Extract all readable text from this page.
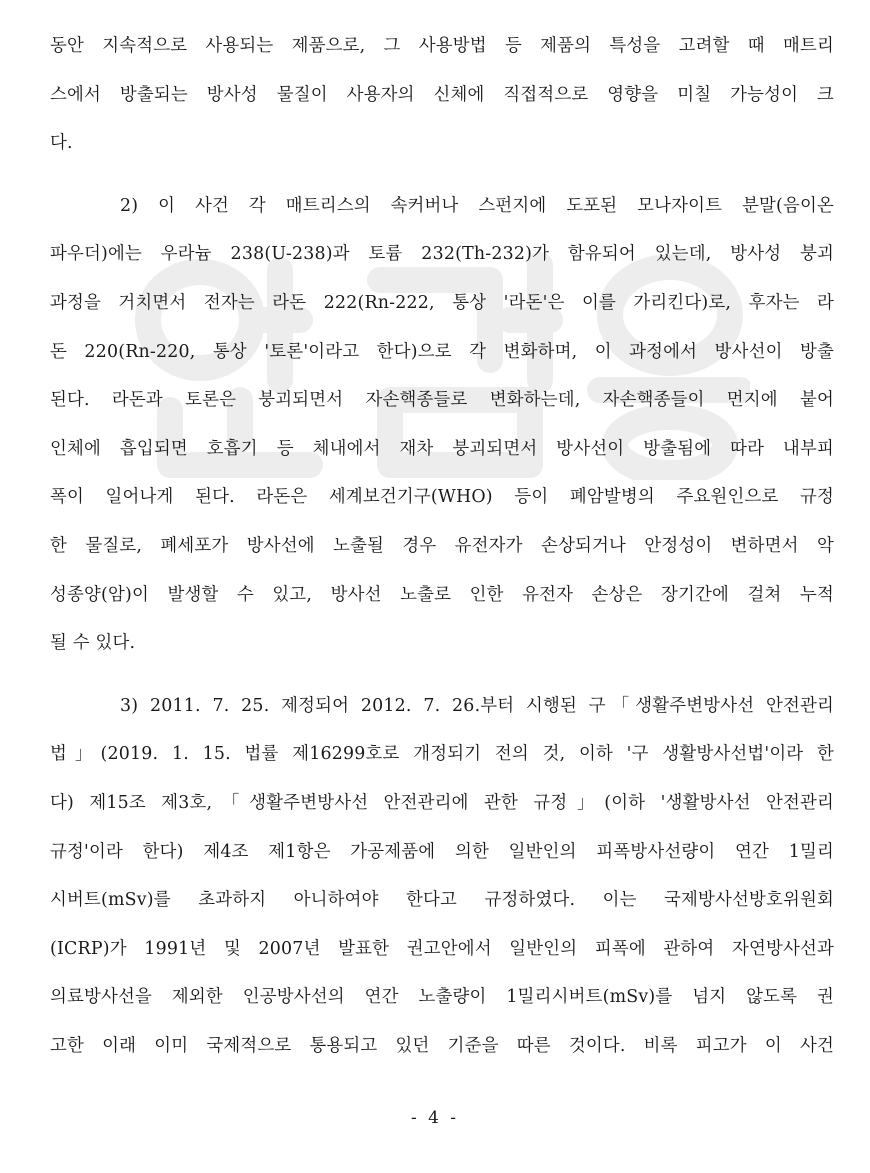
동안 지속적으로 사용되는 제품으로, 그 사용방법 등 제품의 특성을 고려할 때 매트리
스에서 방출되는 방사성 물질이 사용자의 신체에 직접적으로 영향을 미칠 가능성이 크
다.
2) 이 사건 각 매트리스의 속커버나 스펀지에 도포된 모나자이트 분말(음이온
파우더)에는 우라늄 238(U-238)과 토륨 232(Th-232)가 함유되어 있는데, 방사성 붕괴
과정을 거치면서 전자는 라돈 222(Rn-222, 통상 '라돈'은 이를 가리킨다)로, 후자는 라
돈 220(Rn-220, 통상 '토론'이라고 한다)으로 각 변화하며, 이 과정에서 방사선이 방출
된다. 라돈과 토론은 붕괴되면서 자손핵종들로 변화하는데, 자손핵종들이 먼지에 붙어
인체에 흡입되면 호흡기 등 체내에서 재차 붕괴되면서 방사선이 방출됨에 따라 내부피
폭이 일어나게 된다. 라돈은 세계보건기구(WHO) 등이 폐암발병의 주요원인으로 규정
한 물질로, 폐세포가 방사선에 노출될 경우 유전자가 손상되거나 안정성이 변하면서 악
성종양(암)이 발생할 수 있고, 방사선 노출로 인한 유전자 손상은 장기간에 걸쳐 누적
될 수 있다.
3) 2011. 7. 25. 제정되어 2012. 7. 26.부터 시행된 구「생활주변방사선 안전관리
법」(2019. 1. 15. 법률 제16299호로 개정되기 전의 것, 이하 '구 생활방사선법'이라 한
다) 제15조 제3호,「생활주변방사선 안전관리에 관한 규정」(이하 '생활방사선 안전관리
규정'이라 한다) 제4조 제1항은 가공제품에 의한 일반인의 피폭방사선량이 연간 1밀리
시버트(mSv)를 초과하지 아니하여야 한다고 규정하였다. 이는 국제방사선방호위원회
(ICRP)가 1991년 및 2007년 발표한 권고안에서 일반인의 피폭에 관하여 자연방사선과
의료방사선을 제외한 인공방사선의 연간 노출량이 1밀리시버트(mSv)를 넘지 않도록 권
고한 이래 이미 국제적으로 통용되고 있던 기준을 따른 것이다. 비록 피고가 이 사건
- 4 -
